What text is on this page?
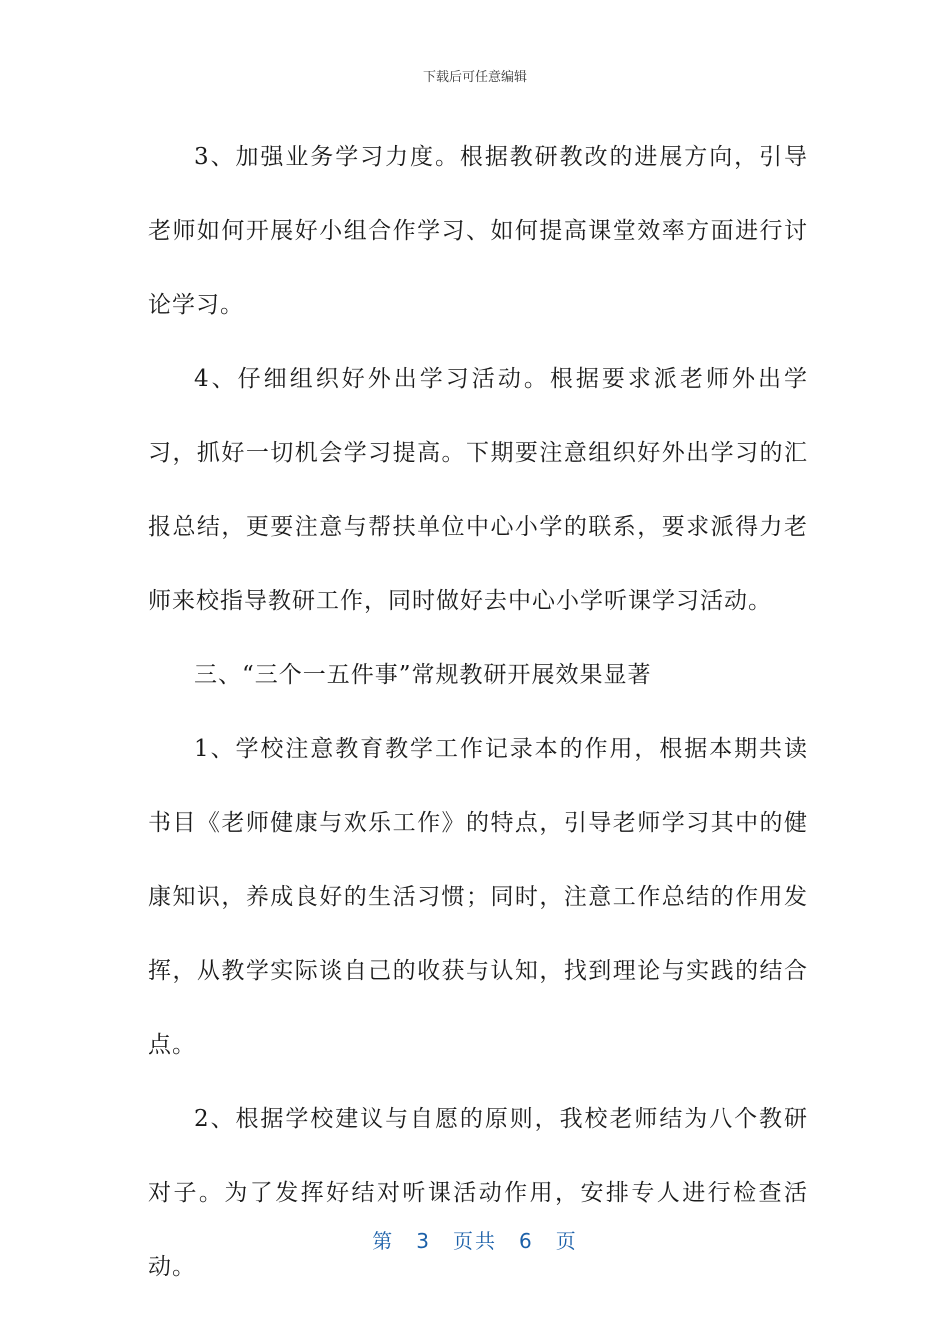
下载后可任意编辑

3、加强业务学习力度。根据教研教改的进展方向，引导老师如何开展好小组合作学习、如何提高课堂效率方面进行讨论学习。

4、仔细组织好外出学习活动。根据要求派老师外出学习，抓好一切机会学习提高。下期要注意组织好外出学习的汇报总结，更要注意与帮扶单位中心小学的联系，要求派得力老师来校指导教研工作，同时做好去中心小学听课学习活动。

三、“三个一五件事”常规教研开展效果显著

1、学校注意教育教学工作记录本的作用，根据本期共读书目《老师健康与欢乐工作》的特点，引导老师学习其中的健康知识，养成良好的生活习惯；同时，注意工作总结的作用发挥，从教学实际谈自己的收获与认知，找到理论与实践的结合点。

2、根据学校建议与自愿的原则，我校老师结为八个教研对子。为了发挥好结对听课活动作用，安排专人进行检查活动。

第 3 页共 6 页
